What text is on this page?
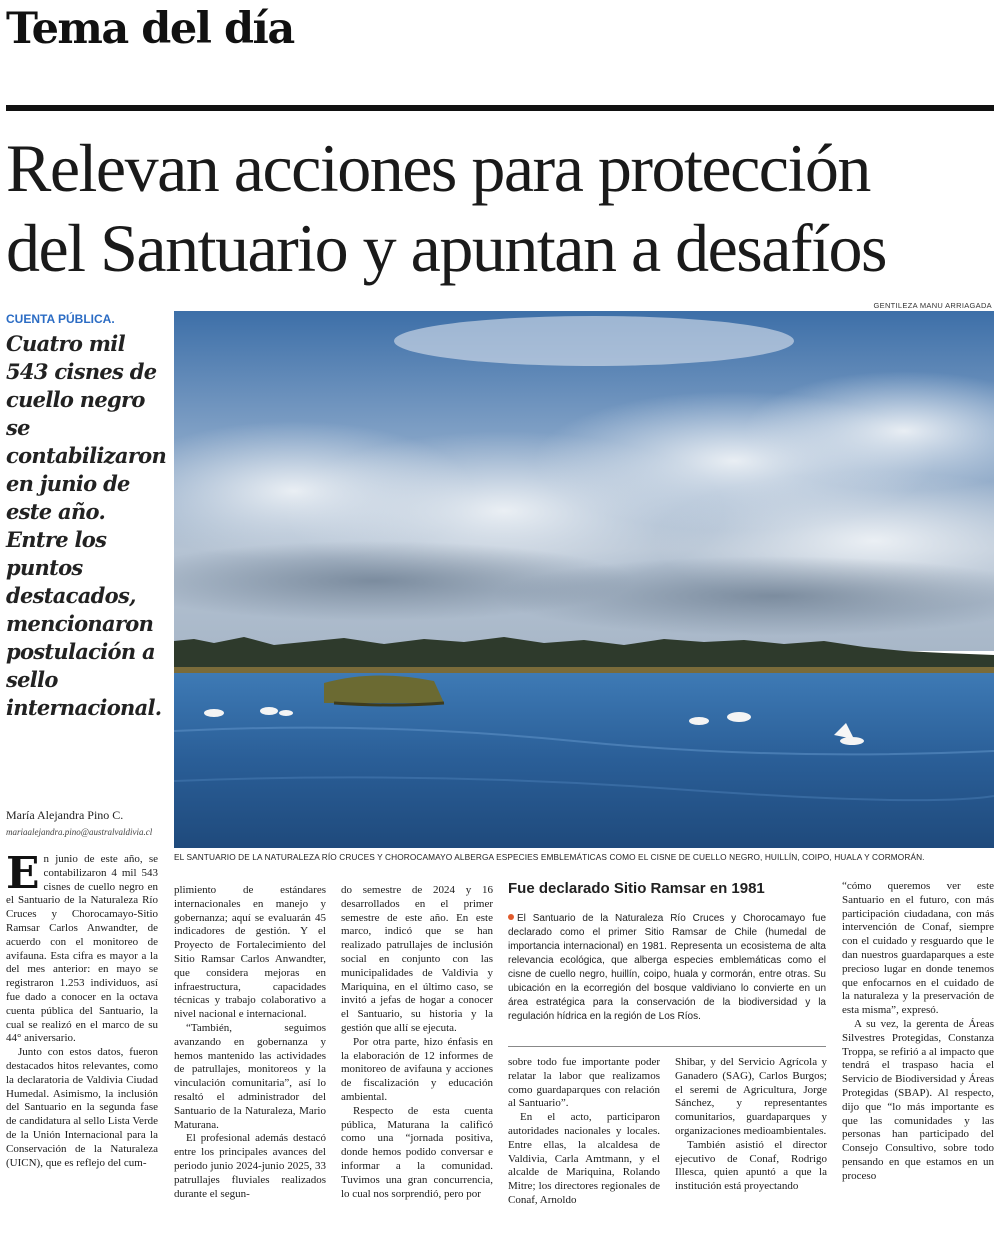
Tema del día
Relevan acciones para protección
del Santuario y apuntan a desafíos
CUENTA PÚBLICA.
Cuatro mil 543 cisnes de cuello negro se contabilizaron en junio de este año. Entre los puntos destacados, mencionaron postulación a sello internacional.
María Alejandra Pino C.
mariaalejandra.pino@australvaldivia.cl
GENTILEZA MANU ARRIAGADA
EL SANTUARIO DE LA NATURALEZA RÍO CRUCES Y CHOROCAMAYO ALBERGA ESPECIES EMBLEMÁTICAS COMO EL CISNE DE CUELLO NEGRO, HUILLÍN, COIPO, HUALA Y CORMORÁN.

En junio de este año, se contabilizaron 4 mil 543 cisnes de cuello negro en el Santuario de la Naturaleza Río Cruces y Chorocamayo-Sitio Ramsar Carlos Anwandter, de acuerdo con el monitoreo de avifauna. Esta cifra es mayor a la del mes anterior: en mayo se registraron 1.253 individuos, así fue dado a conocer en la octava cuenta pública del Santuario, la cual se realizó en el marco de su 44° aniversario.

Junto con estos datos, fueron destacados hitos relevantes, como la declaratoria de Valdivia Ciudad Humedal. Asimismo, la inclusión del Santuario en la segunda fase de candidatura al sello Lista Verde de la Unión Internacional para la Conservación de la Naturaleza (UICN), que es reflejo del cum-

plimiento de estándares internacionales en manejo y gobernanza; aquí se evaluarán 45 indicadores de gestión. Y el Proyecto de Fortalecimiento del Sitio Ramsar Carlos Anwandter, que considera mejoras en infraestructura, capacidades técnicas y trabajo colaborativo a nivel nacional e internacional.

“También, seguimos avanzando en gobernanza y hemos mantenido las actividades de patrullajes, monitoreos y la vinculación comunitaria”, así lo resaltó el administrador del Santuario de la Naturaleza, Mario Maturana.

El profesional además destacó entre los principales avances del periodo junio 2024-junio 2025, 33 patrullajes fluviales realizados durante el segun-

do semestre de 2024 y 16 desarrollados en el primer semestre de este año. En este marco, indicó que se han realizado patrullajes de inclusión social en conjunto con las municipalidades de Valdivia y Mariquina, en el último caso, se invitó a jefas de hogar a conocer el Santuario, su historia y la gestión que allí se ejecuta.

Por otra parte, hizo énfasis en la elaboración de 12 informes de monitoreo de avifauna y acciones de fiscalización y educación ambiental.

Respecto de esta cuenta pública, Maturana la calificó como una “jornada positiva, donde hemos podido conversar e informar a la comunidad. Tuvimos una gran concurrencia, lo cual nos sorprendió, pero por

Fue declarado Sitio Ramsar en 1981
El Santuario de la Naturaleza Río Cruces y Chorocamayo fue declarado como el primer Sitio Ramsar de Chile (humedal de importancia internacional) en 1981. Representa un ecosistema de alta relevancia ecológica, que alberga especies emblemáticas como el cisne de cuello negro, huillín, coipo, huala y cormorán, entre otras. Su ubicación en la ecorregión del bosque valdiviano lo convierte en un área estratégica para la conservación de la biodiversidad y la regulación hídrica en la región de Los Ríos.

sobre todo fue importante poder relatar la labor que realizamos como guardaparques con relación al Santuario”.

En el acto, participaron autoridades nacionales y locales. Entre ellas, la alcaldesa de Valdivia, Carla Amtmann, y el alcalde de Mariquina, Rolando Mitre; los directores regionales de Conaf, Arnoldo

Shibar, y del Servicio Agrícola y Ganadero (SAG), Carlos Burgos; el seremi de Agricultura, Jorge Sánchez, y representantes comunitarios, guardaparques y organizaciones medioambientales.

También asistió el director ejecutivo de Conaf, Rodrigo Illesca, quien apuntó a que la institución está proyectando

“cómo queremos ver este Santuario en el futuro, con más participación ciudadana, con más intervención de Conaf, siempre con el cuidado y resguardo que le dan nuestros guardaparques a este precioso lugar en donde tenemos que enfocarnos en el cuidado de la naturaleza y la preservación de esta misma”, expresó.

A su vez, la gerenta de Áreas Silvestres Protegidas, Constanza Troppa, se refirió a al impacto que tendrá el traspaso hacia el Servicio de Biodiversidad y Áreas Protegidas (SBAP). Al respecto, dijo que “lo más importante es que las comunidades y las personas han participado del Consejo Consultivo, sobre todo pensando en que estamos en un proceso
